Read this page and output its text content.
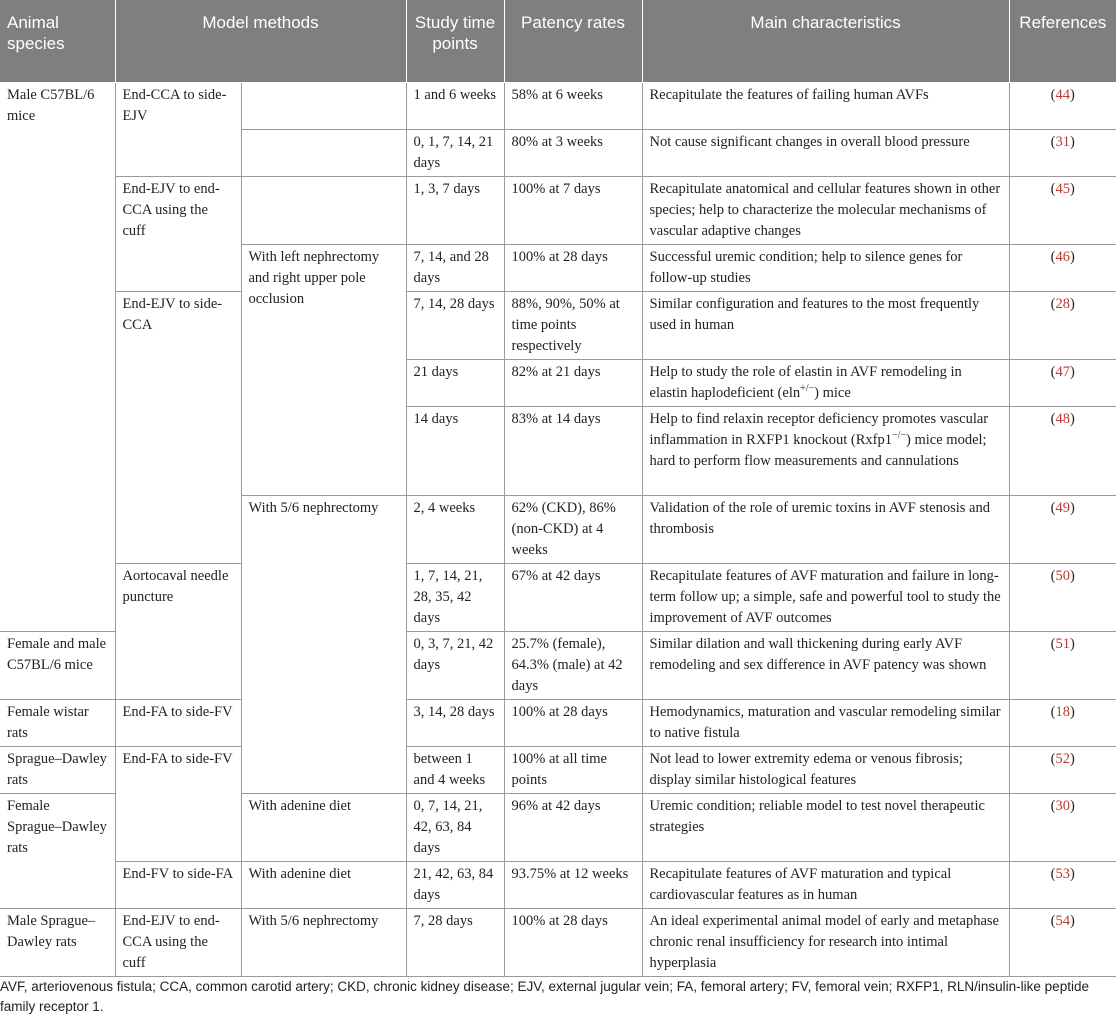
Animal species	Model methods		Study time points	Patency rates	Main characteristics	References
Male C57BL/6 mice	End-CCA to side-EJV		1 and 6 weeks	58% at 6 weeks	Recapitulate the features of failing human AVFs	(44)
			0, 1, 7, 14, 21 days	80% at 3 weeks	Not cause significant changes in overall blood pressure	(31)
	End-EJV to end-CCA using the cuff		1, 3, 7 days	100% at 7 days	Recapitulate anatomical and cellular features shown in other species; help to characterize the molecular mechanisms of vascular adaptive changes	(45)
		With left nephrectomy and right upper pole occlusion	7, 14, and 28 days	100% at 28 days	Successful uremic condition; help to silence genes for follow-up studies	(46)
	End-EJV to side-CCA		7, 14, 28 days	88%, 90%, 50% at time points respectively	Similar configuration and features to the most frequently used in human	(28)
			21 days	82% at 21 days	Help to study the role of elastin in AVF remodeling in elastin haplodeficient (eln+/−) mice	(47)
			14 days	83% at 14 days	Help to find relaxin receptor deficiency promotes vascular inflammation in RXFP1 knockout (Rxfp1−/−) mice model; hard to perform flow measurements and cannulations	(48)
		With 5/6 nephrectomy	2, 4 weeks	62% (CKD), 86% (non-CKD) at 4 weeks	Validation of the role of uremic toxins in AVF stenosis and thrombosis	(49)
	Aortocaval needle puncture		1, 7, 14, 21, 28, 35, 42 days	67% at 42 days	Recapitulate features of AVF maturation and failure in long-term follow up; a simple, safe and powerful tool to study the improvement of AVF outcomes	(50)
Female and male C57BL/6 mice			0, 3, 7, 21, 42 days	25.7% (female), 64.3% (male) at 42 days	Similar dilation and wall thickening during early AVF remodeling and sex difference in AVF patency was shown	(51)
Female wistar rats	End-FA to side-FV		3, 14, 28 days	100% at 28 days	Hemodynamics, maturation and vascular remodeling similar to native fistula	(18)
Sprague–Dawley rats	End-FA to side-FV		between 1 and 4 weeks	100% at all time points	Not lead to lower extremity edema or venous fibrosis; display similar histological features	(52)
Female Sprague–Dawley rats		With adenine diet	0, 7, 14, 21, 42, 63, 84 days	96% at 42 days	Uremic condition; reliable model to test novel therapeutic strategies	(30)
	End-FV to side-FA	With adenine diet	21, 42, 63, 84 days	93.75% at 12 weeks	Recapitulate features of AVF maturation and typical cardiovascular features as in human	(53)
Male Sprague–Dawley rats	End-EJV to end-CCA using the cuff	With 5/6 nephrectomy	7, 28 days	100% at 28 days	An ideal experimental animal model of early and metaphase chronic renal insufficiency for research into intimal hyperplasia	(54)
AVF, arteriovenous fistula; CCA, common carotid artery; CKD, chronic kidney disease; EJV, external jugular vein; FA, femoral artery; FV, femoral vein; RXFP1, RLN/insulin-like peptide family receptor 1.
